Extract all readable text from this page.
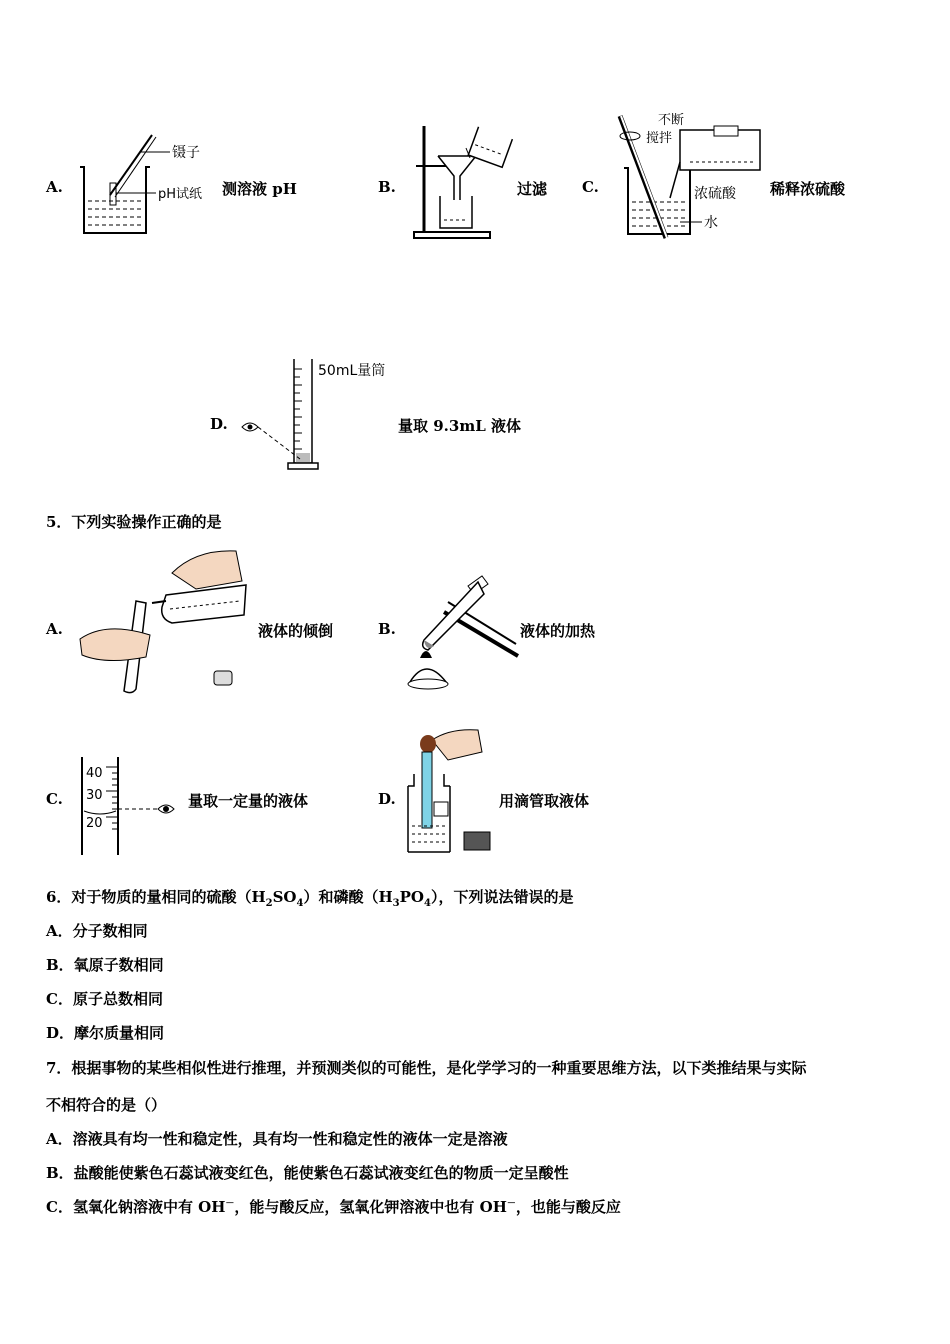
A.
镊子
pH试纸 测溶液 pH	B.	过滤 C.
不断
搅拌
浓硫酸
水
稀释浓硫酸
D.
50mL量筒
量取 9.3mL 液体
5．下列实验操作正确的是
A.	液体的倾倒	B.	液体的加热
C.
40
30
20
量取一定量的液体	D.	用滴管取液体
6．对于物质的量相同的硫酸$(H_2SO_4)$和磷酸$(H_3PO_4)$，下列说法错误的是
A．分子数相同
B．氧原子数相同
C．原子总数相同
D．摩尔质量相同
7．根据事物的某些相似性进行推理，并预测类似的可能性，是化学学习的一种重要思维方法，以下类推结果与实际
不相符合的是（）
A．溶液具有均一性和稳定性，具有均一性和稳定性的液体一定是溶液
B．盐酸能使紫色石蕊试液变红色，能使紫色石蕊试液变红色的物质一定呈酸性
C．氢氧化钠溶液中有 OH－，能与酸反应，氢氧化钾溶液中也有 OH－，也能与酸反应
